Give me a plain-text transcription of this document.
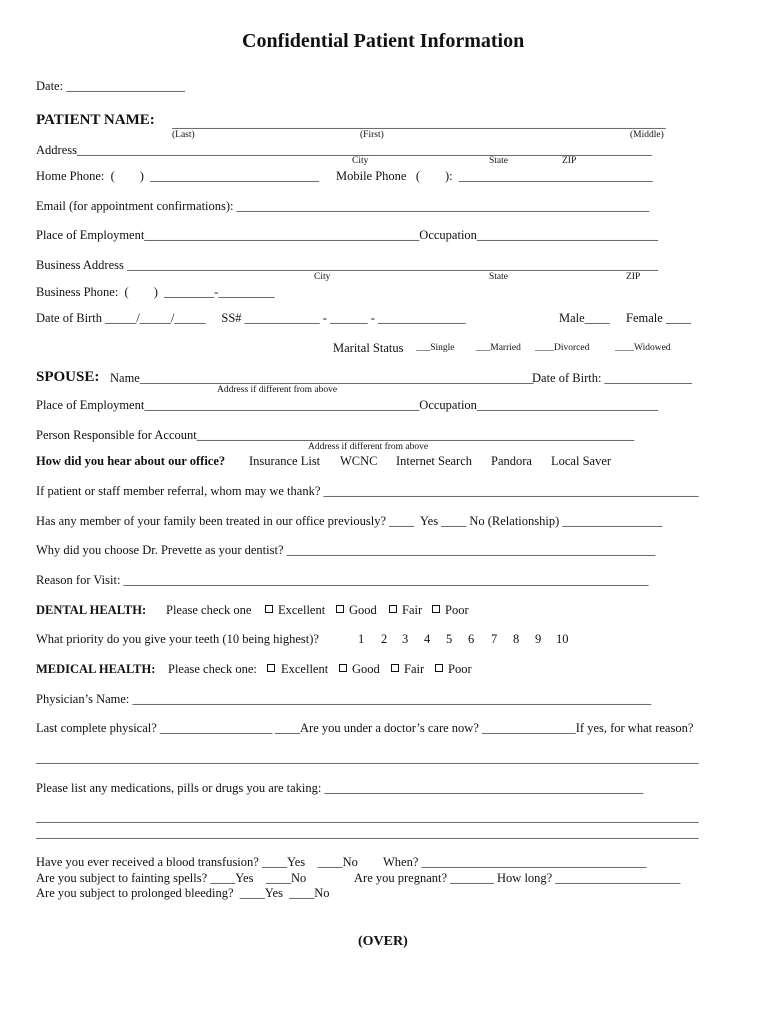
Confidential Patient Information
Date: ___________________
PATIENT NAME: _______________________________________________________________________________
(Last)	(First)	(Middle)
Address____________________________________________________________________________________________
City	State	ZIP
Home Phone:  (        )  ___________________________ Mobile Phone   (        ):  _______________________________
Email (for appointment confirmations): __________________________________________________________________
Place of Employment____________________________________________Occupation_____________________________
Business Address _____________________________________________________________________________________
City	State	ZIP
Business Phone:  (        )  ________-_________
Date of Birth _____/_____/_____     SS# ____________ - ______ - ______________	Male____ Female ____
Marital Status ___Single ___Married ____Divorced	____Widowed
SPOUSE: Name_______________________________________________________________
Date of Birth: ______________
Address if different from above
Place of Employment____________________________________________Occupation_____________________________
Person Responsible for Account______________________________________________________________________
Address if different from above
How did you hear about our office? Insurance List WCNC Internet Search Pandora Local Saver
If patient or staff member referral, whom may we thank? ____________________________________________________________
Has any member of your family been treated in our office previously? ____  Yes ____ No (Relationship) ________________
Why did you choose Dr. Prevette as your dentist? ___________________________________________________________
Reason for Visit: ____________________________________________________________________________________
DENTAL HEALTH: Please check one Excellent Good Fair Poor
What priority do you give your teeth (10 being highest)?	1 2 3 4 5 6 7 8 9 10
MEDICAL HEALTH: Please check one: Excellent Good Fair Poor
Physician’s Name: ___________________________________________________________________________________
Last complete physical? __________________ ____Are you under a doctor’s care now? _______________If yes, for what reason?
__________________________________________________________________________________________________________
Please list any medications, pills or drugs you are taking: ___________________________________________________
__________________________________________________________________________________________________________
__________________________________________________________________________________________________________
Have you ever received a blood transfusion? ____Yes    ____No When? ____________________________________
Are you subject to fainting spells? ____Yes    ____No	Are you pregnant? _______ How long? ____________________
Are you subject to prolonged bleeding?  ____Yes  ____No
(OVER)
